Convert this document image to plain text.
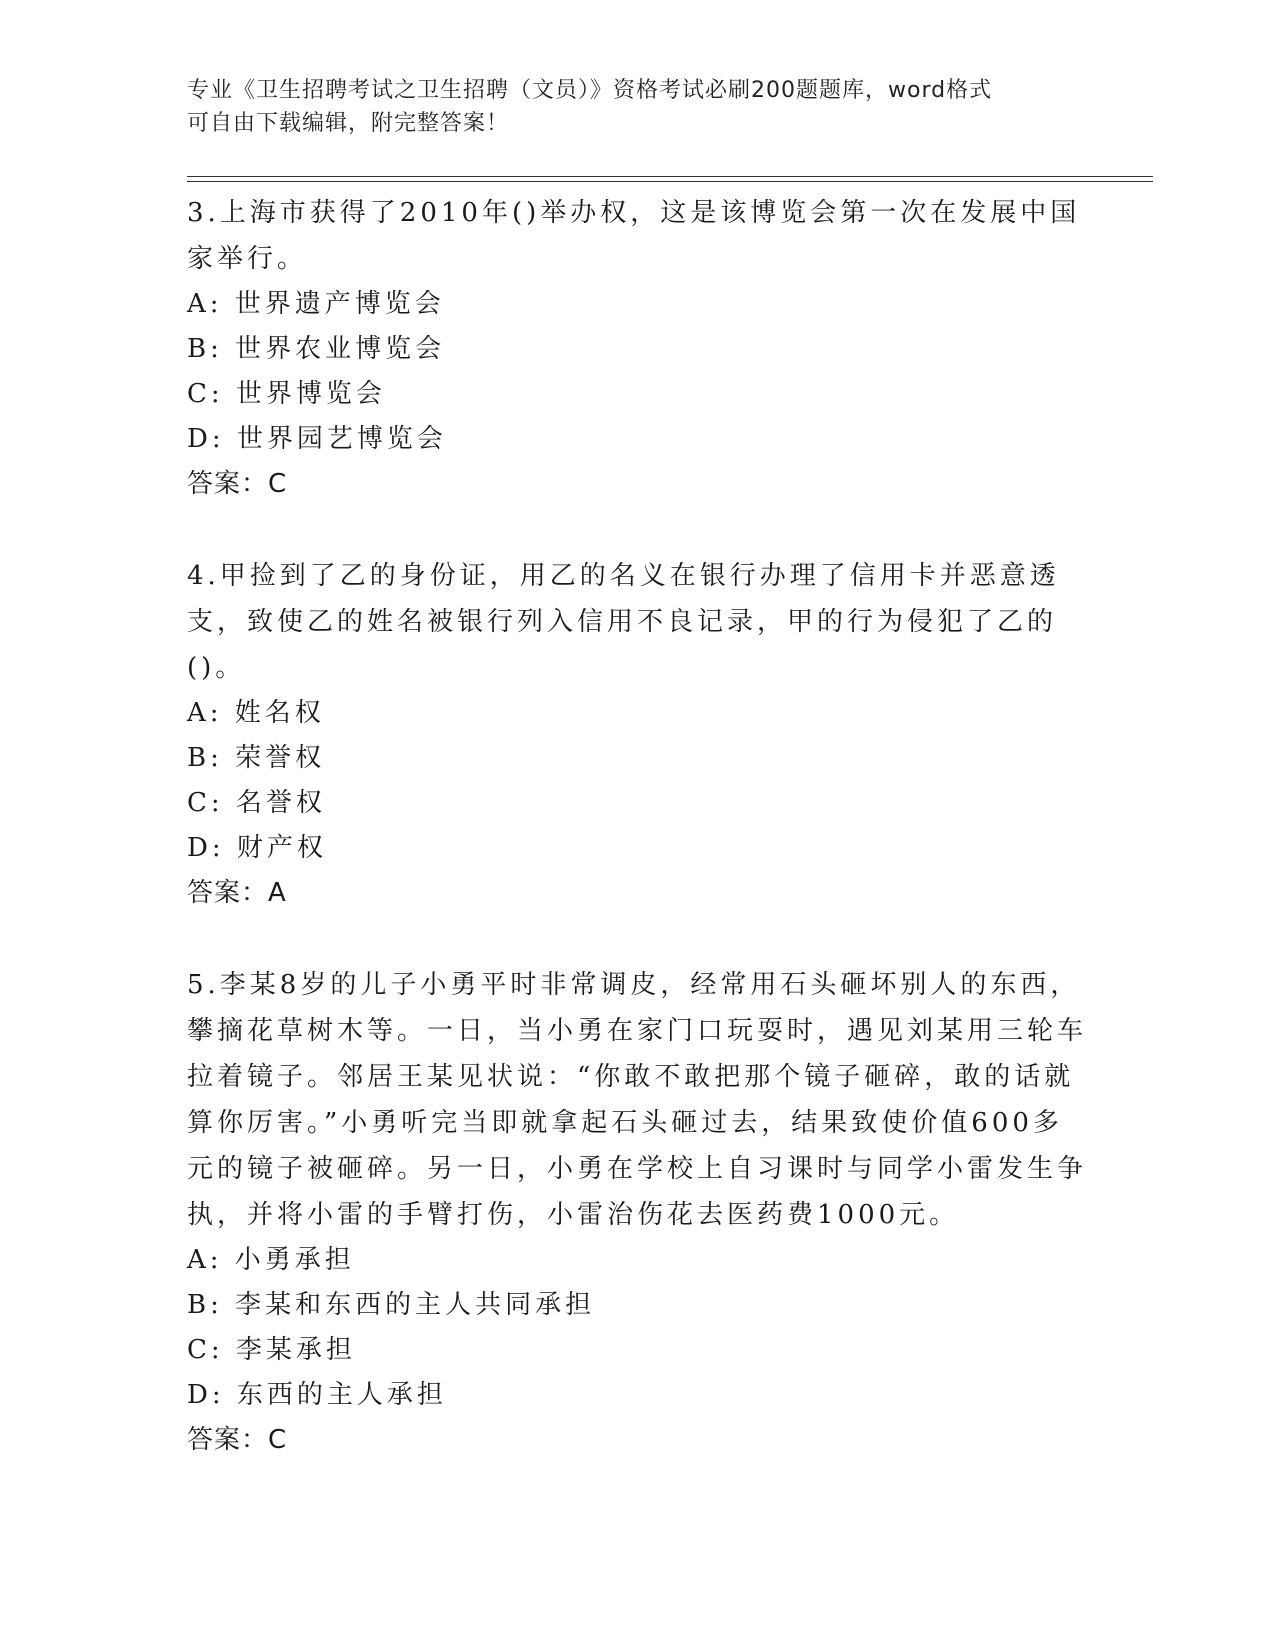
专业《卫生招聘考试之卫生招聘（文员）》资格考试必刷200题题库，word格式
可自由下载编辑，附完整答案！

3.上海市获得了2010年()举办权，这是该博览会第一次在发展中国家举行。

A: 世界遗产博览会

B: 世界农业博览会

C: 世界博览会

D: 世界园艺博览会

答案：C

4.甲捡到了乙的身份证，用乙的名义在银行办理了信用卡并恶意透支，致使乙的姓名被银行列入信用不良记录，甲的行为侵犯了乙的()。

A: 姓名权

B: 荣誉权

C: 名誉权

D: 财产权

答案：A

5.李某8岁的儿子小勇平时非常调皮，经常用石头砸坏别人的东西，攀摘花草树木等。一日，当小勇在家门口玩耍时，遇见刘某用三轮车拉着镜子。邻居王某见状说：“你敢不敢把那个镜子砸碎，敢的话就算你厉害。”小勇听完当即就拿起石头砸过去，结果致使价值600多元的镜子被砸碎。另一日，小勇在学校上自习课时与同学小雷发生争执，并将小雷的手臂打伤，小雷治伤花去医药费1000元。

A: 小勇承担

B: 李某和东西的主人共同承担

C: 李某承担

D: 东西的主人承担

答案：C
